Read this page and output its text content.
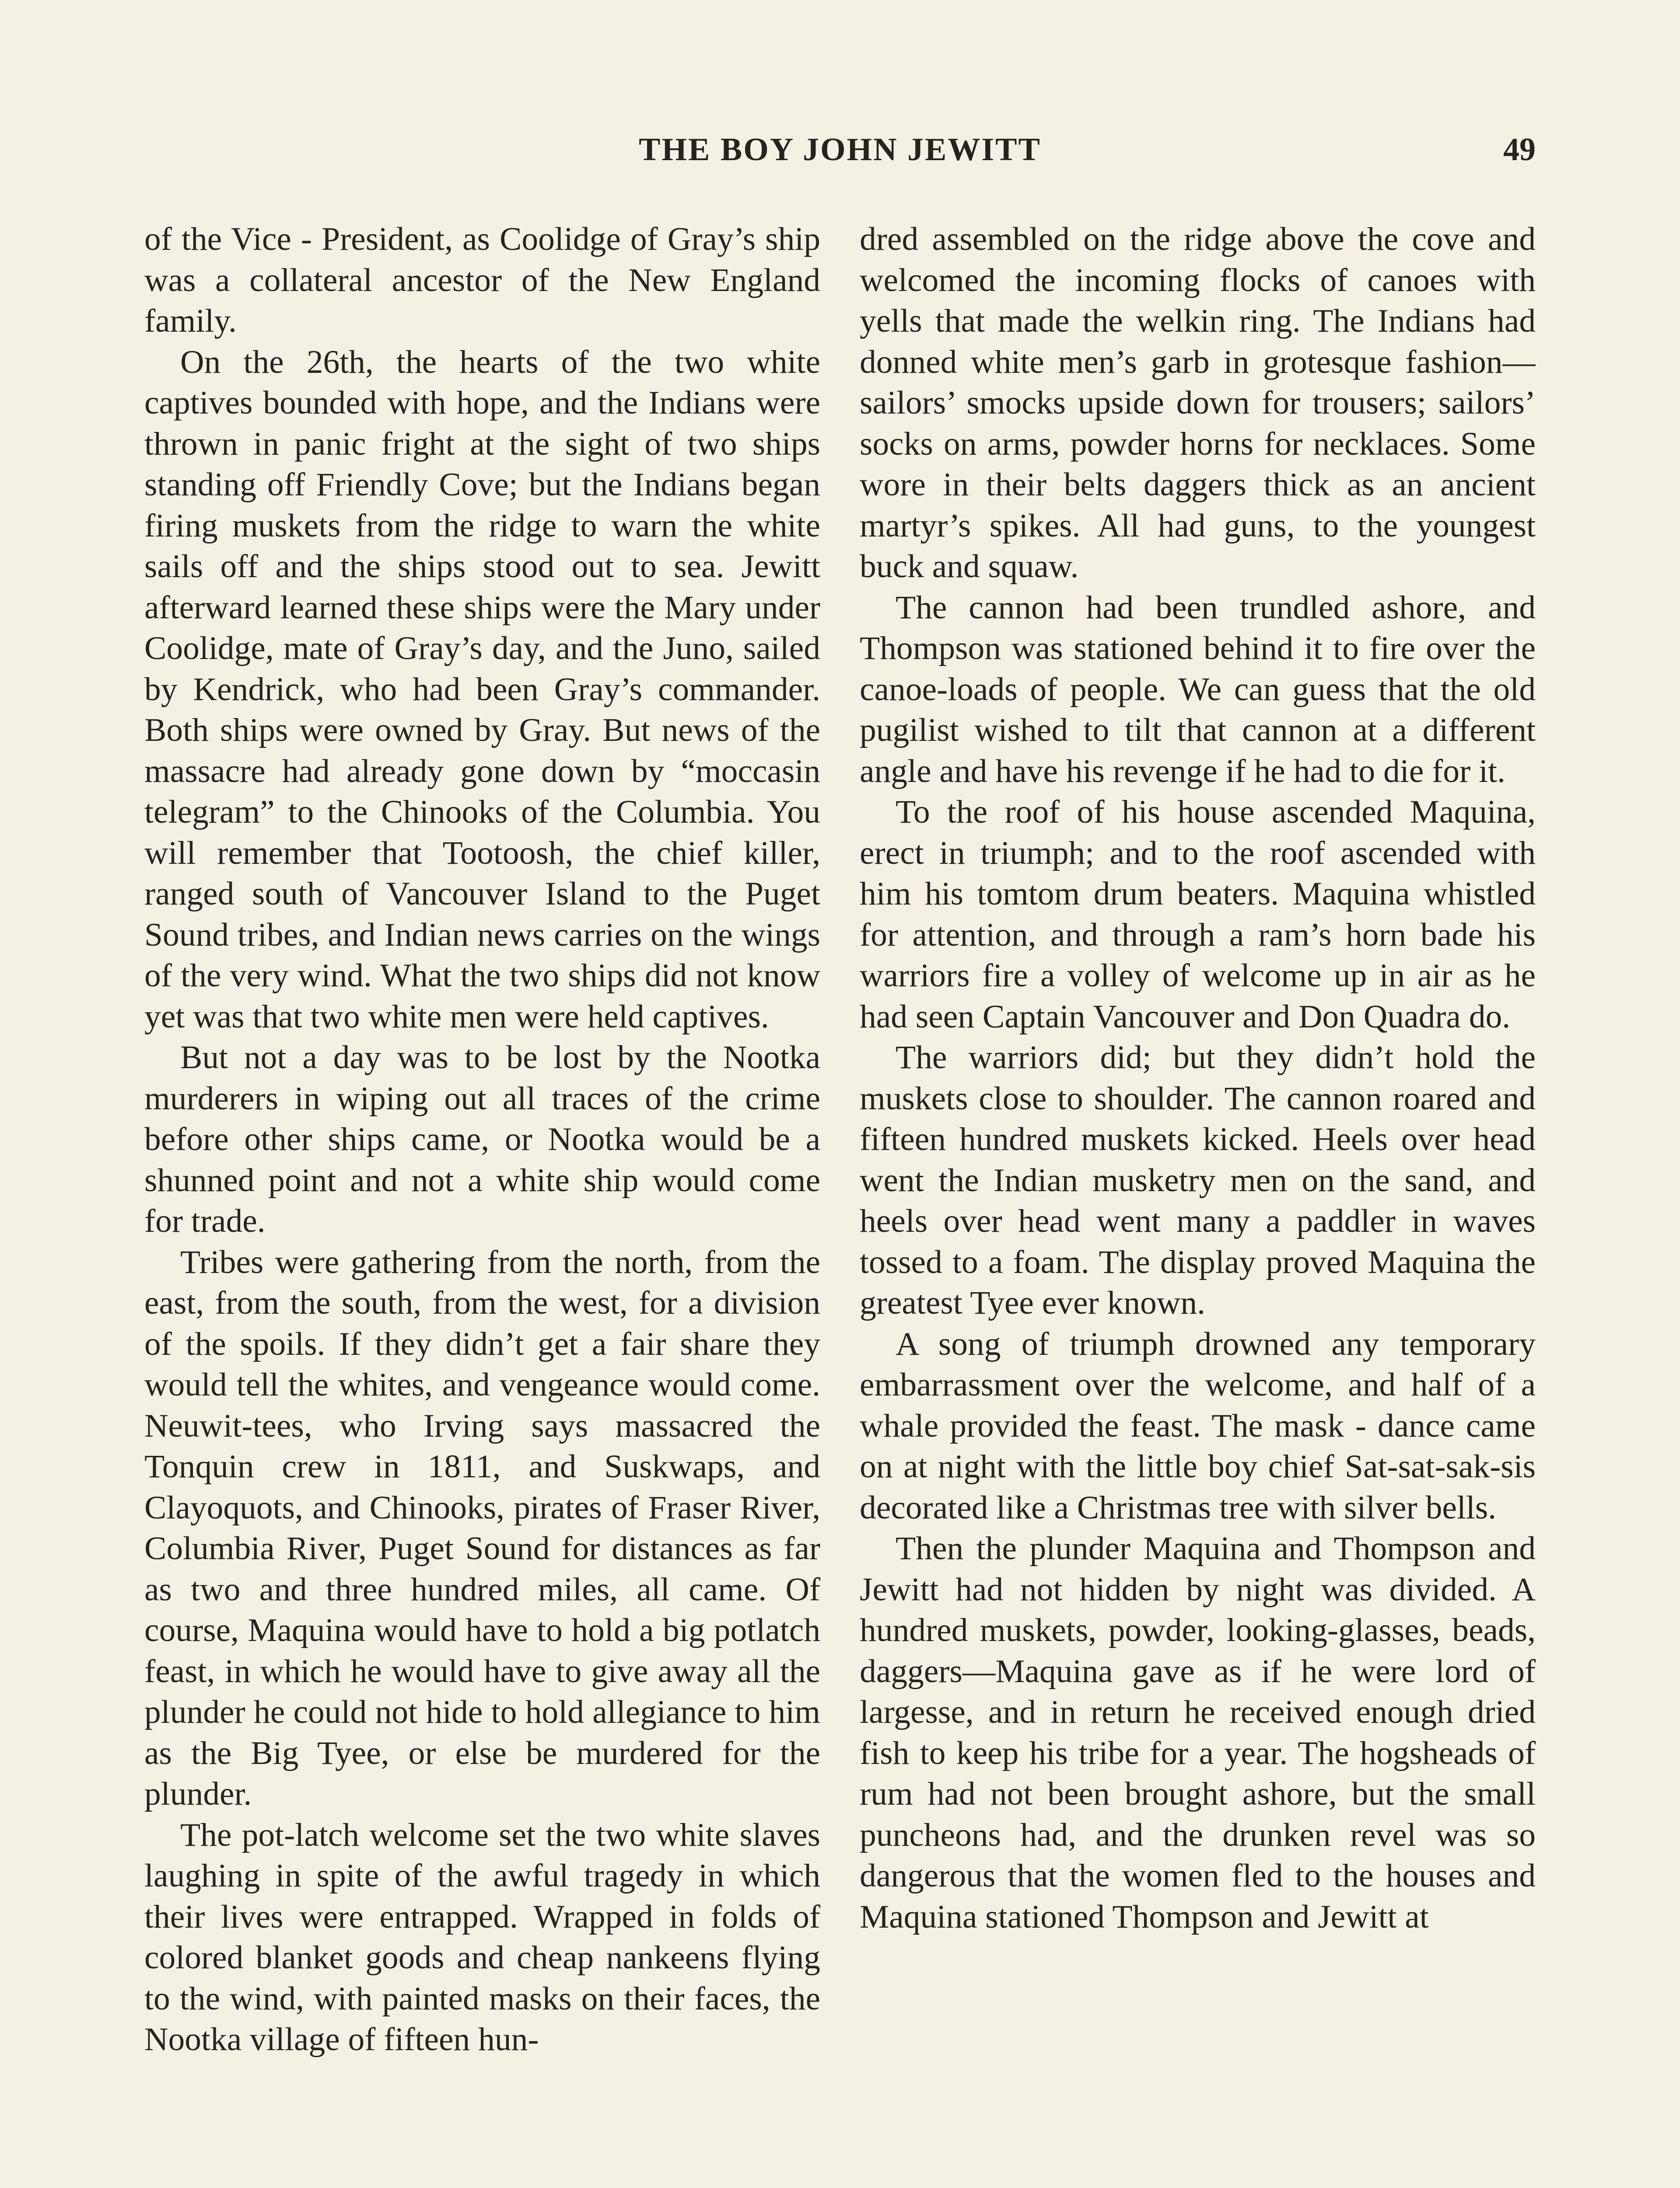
THE BOY JOHN JEWITT	49

of the Vice - President, as Coolidge of Gray’s ship was a collateral ancestor of the New England family.

On the 26th, the hearts of the two white captives bounded with hope, and the Indians were thrown in panic fright at the sight of two ships standing off Friendly Cove; but the Indians began firing muskets from the ridge to warn the white sails off and the ships stood out to sea. Jewitt afterward learned these ships were the Mary under Coolidge, mate of Gray’s day, and the Juno, sailed by Kendrick, who had been Gray’s commander. Both ships were owned by Gray. But news of the massacre had already gone down by “moccasin telegram” to the Chinooks of the Columbia. You will remember that Tootoosh, the chief killer, ranged south of Vancouver Island to the Puget Sound tribes, and Indian news carries on the wings of the very wind. What the two ships did not know yet was that two white men were held captives.

But not a day was to be lost by the Nootka murderers in wiping out all traces of the crime before other ships came, or Nootka would be a shunned point and not a white ship would come for trade.

Tribes were gathering from the north, from the east, from the south, from the west, for a division of the spoils. If they didn’t get a fair share they would tell the whites, and vengeance would come. Neuwit-tees, who Irving says massacred the Tonquin crew in 1811, and Suskwaps, and Clayoquots, and Chinooks, pirates of Fraser River, Columbia River, Puget Sound for distances as far as two and three hundred miles, all came. Of course, Maquina would have to hold a big potlatch feast, in which he would have to give away all the plunder he could not hide to hold allegiance to him as the Big Tyee, or else be murdered for the plunder.

The pot-latch welcome set the two white slaves laughing in spite of the awful tragedy in which their lives were entrapped. Wrapped in folds of colored blanket goods and cheap nankeens flying to the wind, with painted masks on their faces, the Nootka village of fifteen hun-

dred assembled on the ridge above the cove and welcomed the incoming flocks of canoes with yells that made the welkin ring. The Indians had donned white men’s garb in grotesque fashion—sailors’ smocks upside down for trousers; sailors’ socks on arms, powder horns for necklaces. Some wore in their belts daggers thick as an ancient martyr’s spikes. All had guns, to the youngest buck and squaw.

The cannon had been trundled ashore, and Thompson was stationed behind it to fire over the canoe-loads of people. We can guess that the old pugilist wished to tilt that cannon at a different angle and have his revenge if he had to die for it.

To the roof of his house ascended Maquina, erect in triumph; and to the roof ascended with him his tomtom drum beaters. Maquina whistled for attention, and through a ram’s horn bade his warriors fire a volley of welcome up in air as he had seen Captain Vancouver and Don Quadra do.

The warriors did; but they didn’t hold the muskets close to shoulder. The cannon roared and fifteen hundred muskets kicked. Heels over head went the Indian musketry men on the sand, and heels over head went many a paddler in waves tossed to a foam. The display proved Maquina the greatest Tyee ever known.

A song of triumph drowned any temporary embarrassment over the welcome, and half of a whale provided the feast. The mask - dance came on at night with the little boy chief Sat-sat-sak-sis decorated like a Christmas tree with silver bells.

Then the plunder Maquina and Thompson and Jewitt had not hidden by night was divided. A hundred muskets, powder, looking-glasses, beads, daggers—Maquina gave as if he were lord of largesse, and in return he received enough dried fish to keep his tribe for a year. The hogsheads of rum had not been brought ashore, but the small puncheons had, and the drunken revel was so dangerous that the women fled to the houses and Maquina stationed Thompson and Jewitt at
